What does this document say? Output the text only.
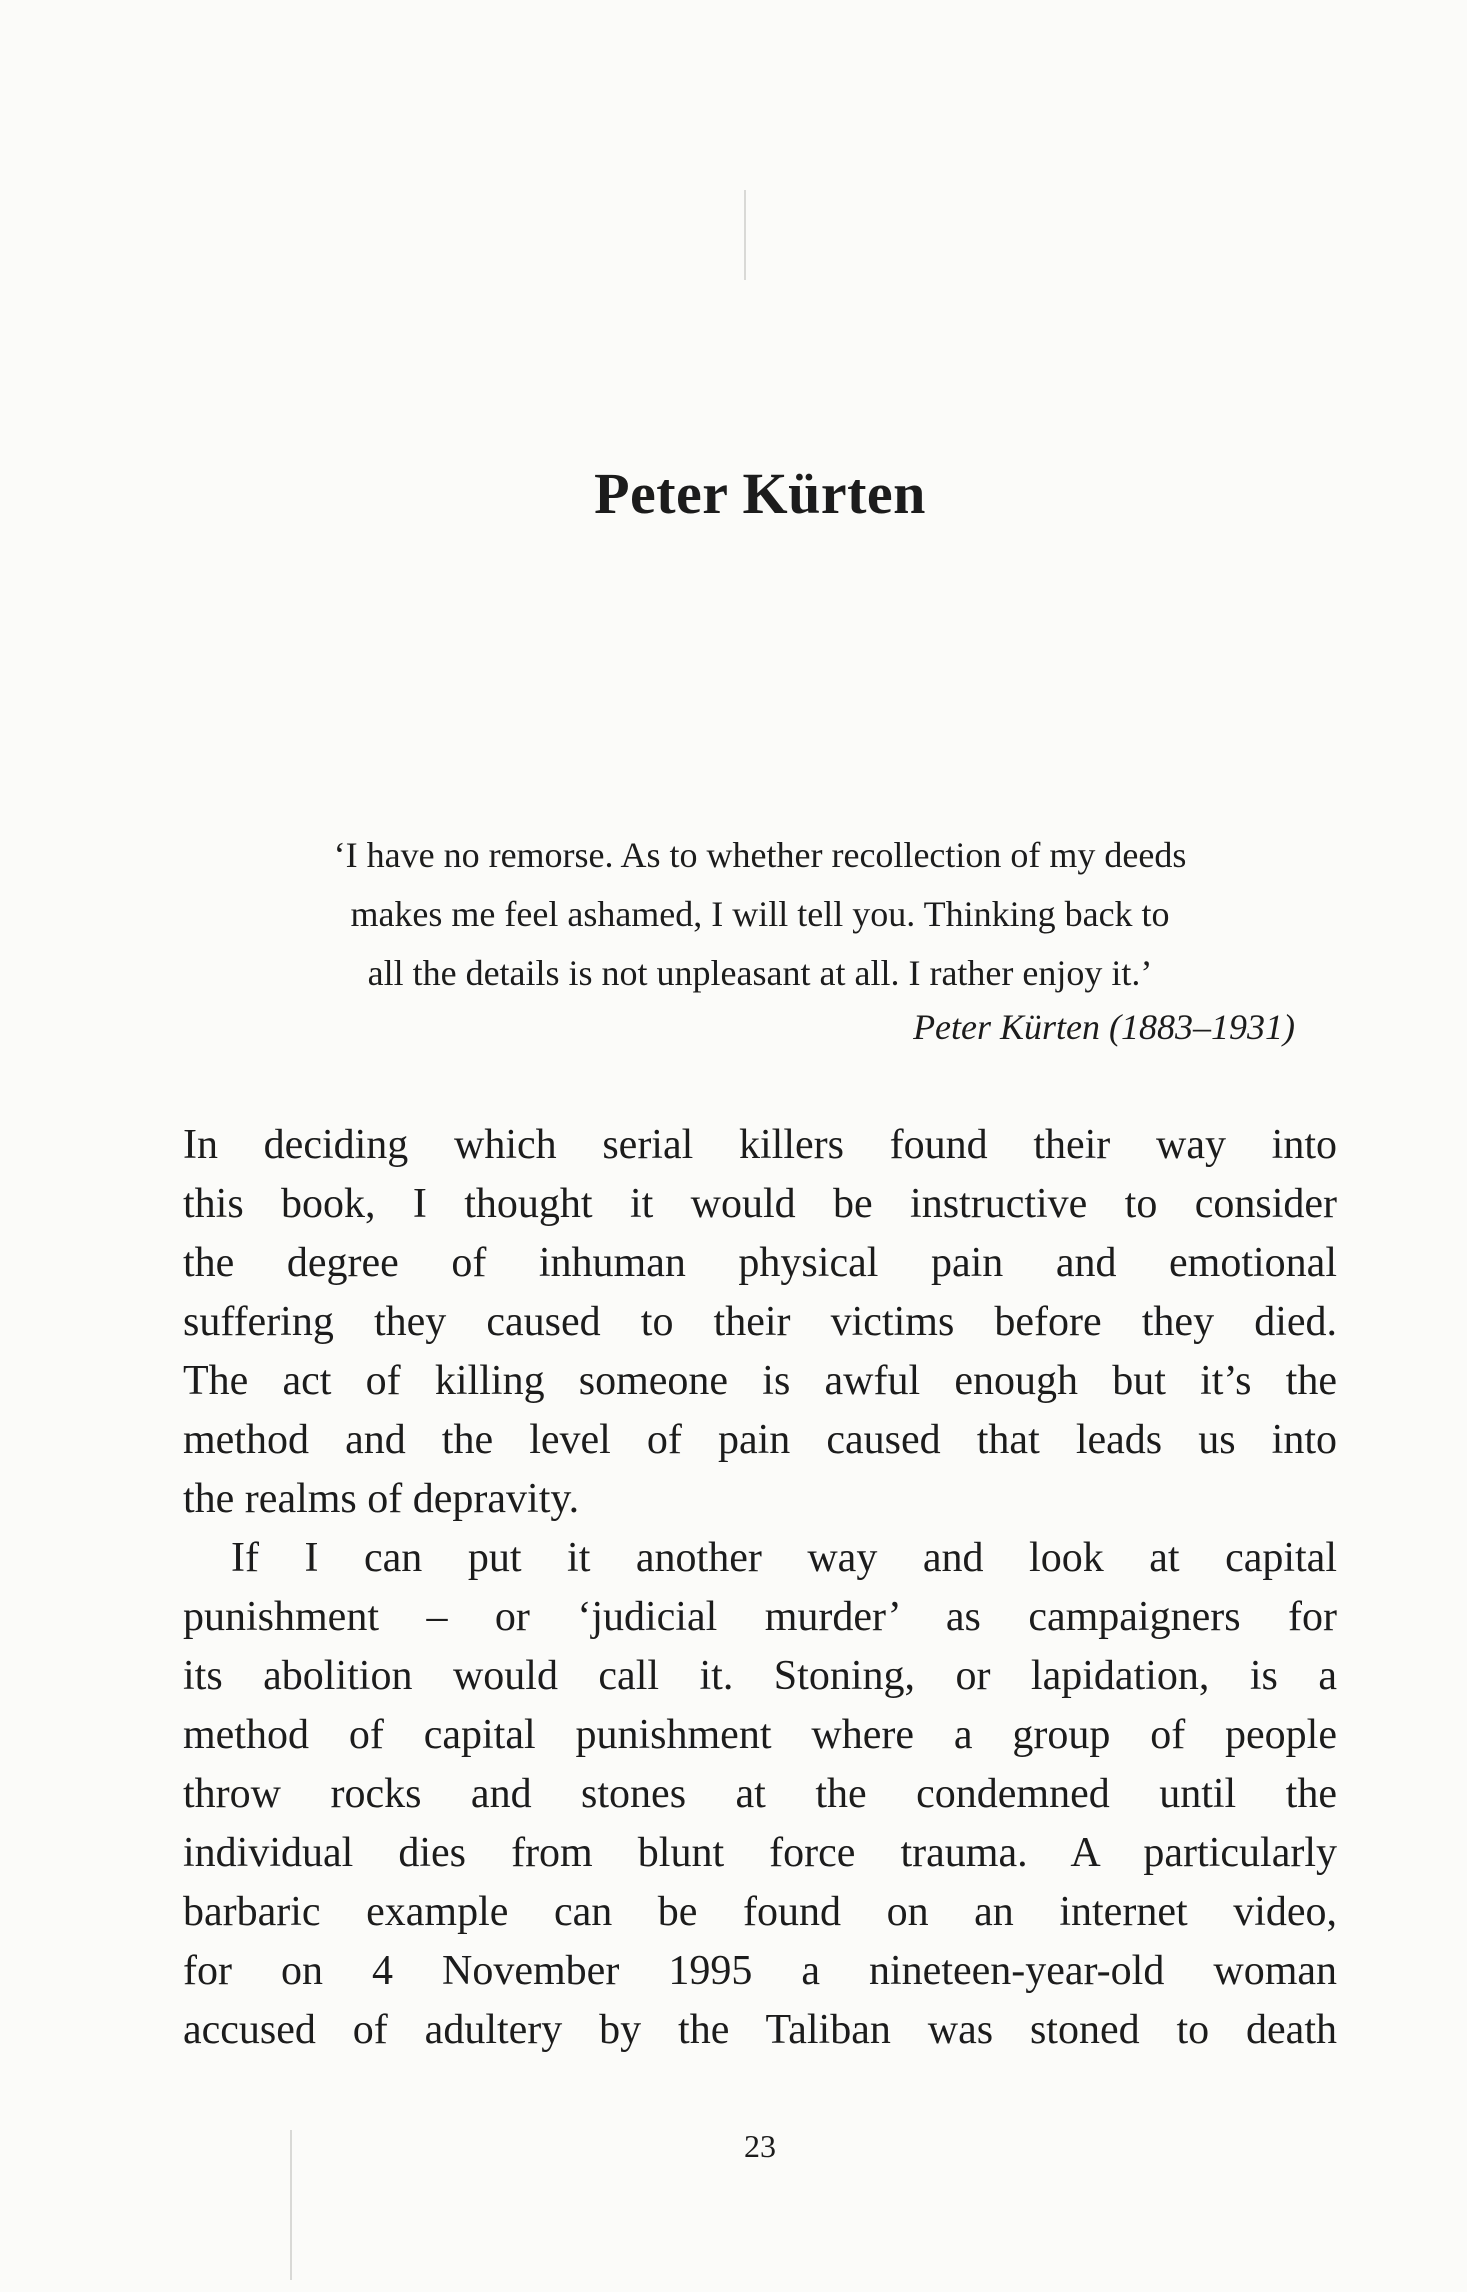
Peter Kürten
‘I have no remorse. As to whether recollection of my deeds
makes me feel ashamed, I will tell you. Thinking back to
all the details is not unpleasant at all. I rather enjoy it.’
Peter Kürten (1883–1931)
In deciding which serial killers found their way into
this book, I thought it would be instructive to consider
the degree of inhuman physical pain and emotional
suffering they caused to their victims before they died.
The act of killing someone is awful enough but it’s the
method and the level of pain caused that leads us into
the realms of depravity.
If I can put it another way and look at capital
punishment – or ‘judicial murder’ as campaigners for
its abolition would call it. Stoning, or lapidation, is a
method of capital punishment where a group of people
throw rocks and stones at the condemned until the
individual dies from blunt force trauma. A particularly
barbaric example can be found on an internet video,
for on 4 November 1995 a nineteen-year-old woman
accused of adultery by the Taliban was stoned to death
23
